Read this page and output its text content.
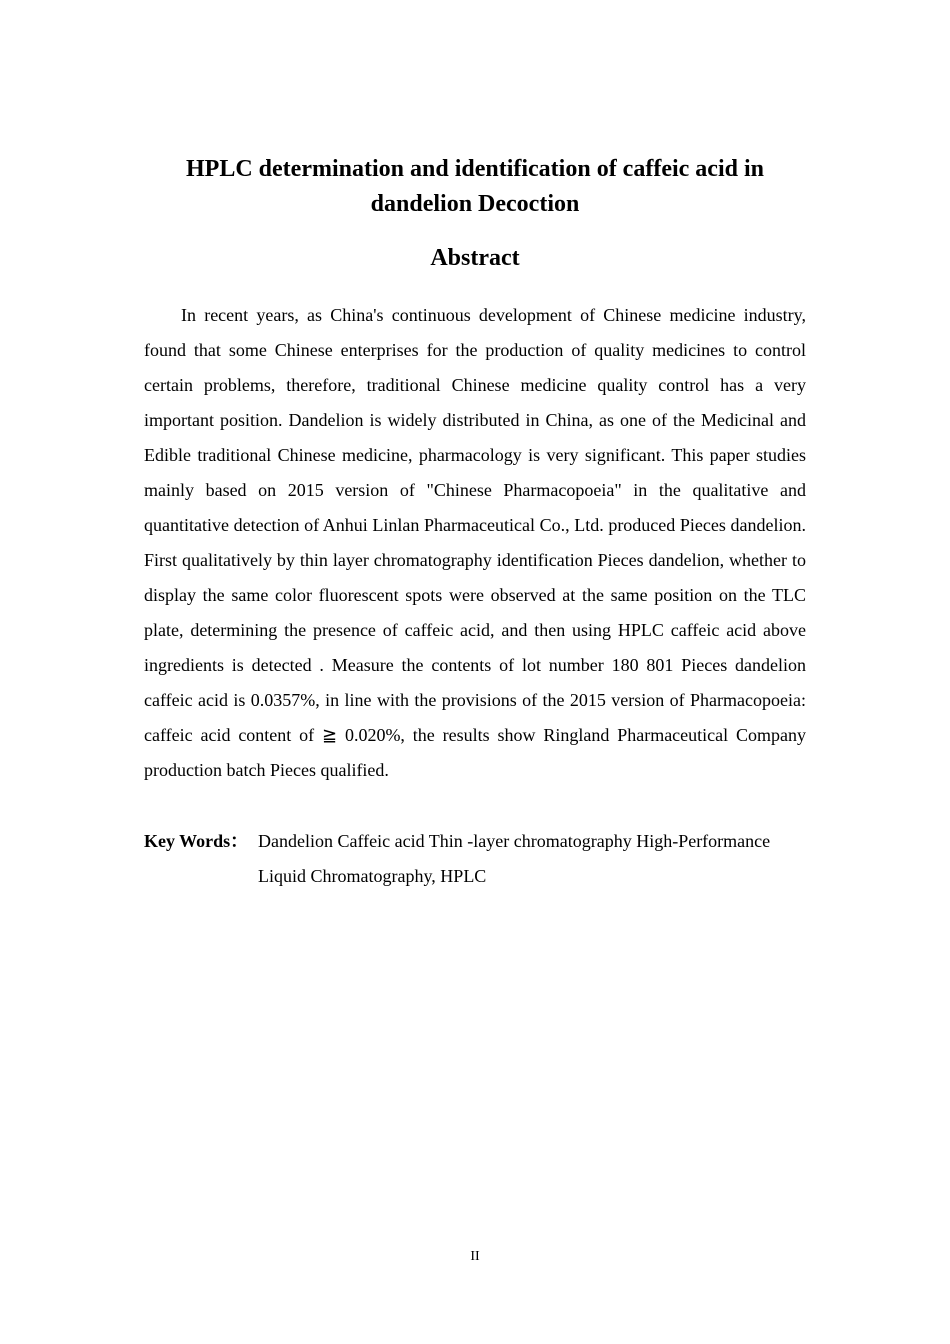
HPLC determination and identification of caffeic acid in
dandelion Decoction
Abstract

In recent years, as China's continuous development of Chinese medicine industry, found that some Chinese enterprises for the production of quality medicines to control certain problems, therefore, traditional Chinese medicine quality control has a very important position. Dandelion is widely distributed in China, as one of the Medicinal and Edible traditional Chinese medicine, pharmacology is very significant. This paper studies mainly based on 2015 version of "Chinese Pharmacopoeia" in the qualitative and quantitative detection of Anhui Linlan Pharmaceutical Co., Ltd. produced Pieces dandelion. First qualitatively by thin layer chromatography identification Pieces dandelion, whether to display the same color fluorescent spots were observed at the same position on the TLC plate, determining the presence of caffeic acid, and then using HPLC caffeic acid above ingredients is detected . Measure the contents of lot number 180 801 Pieces dandelion caffeic acid is 0.0357%, in line with the provisions of the 2015 version of Pharmacopoeia: caffeic acid content of ≧ 0.020%, the results show Ringland Pharmaceutical Company production batch Pieces qualified.

Key Words： Dandelion Caffeic acid Thin -layer chromatography High-Performance
Liquid Chromatography, HPLC
II
